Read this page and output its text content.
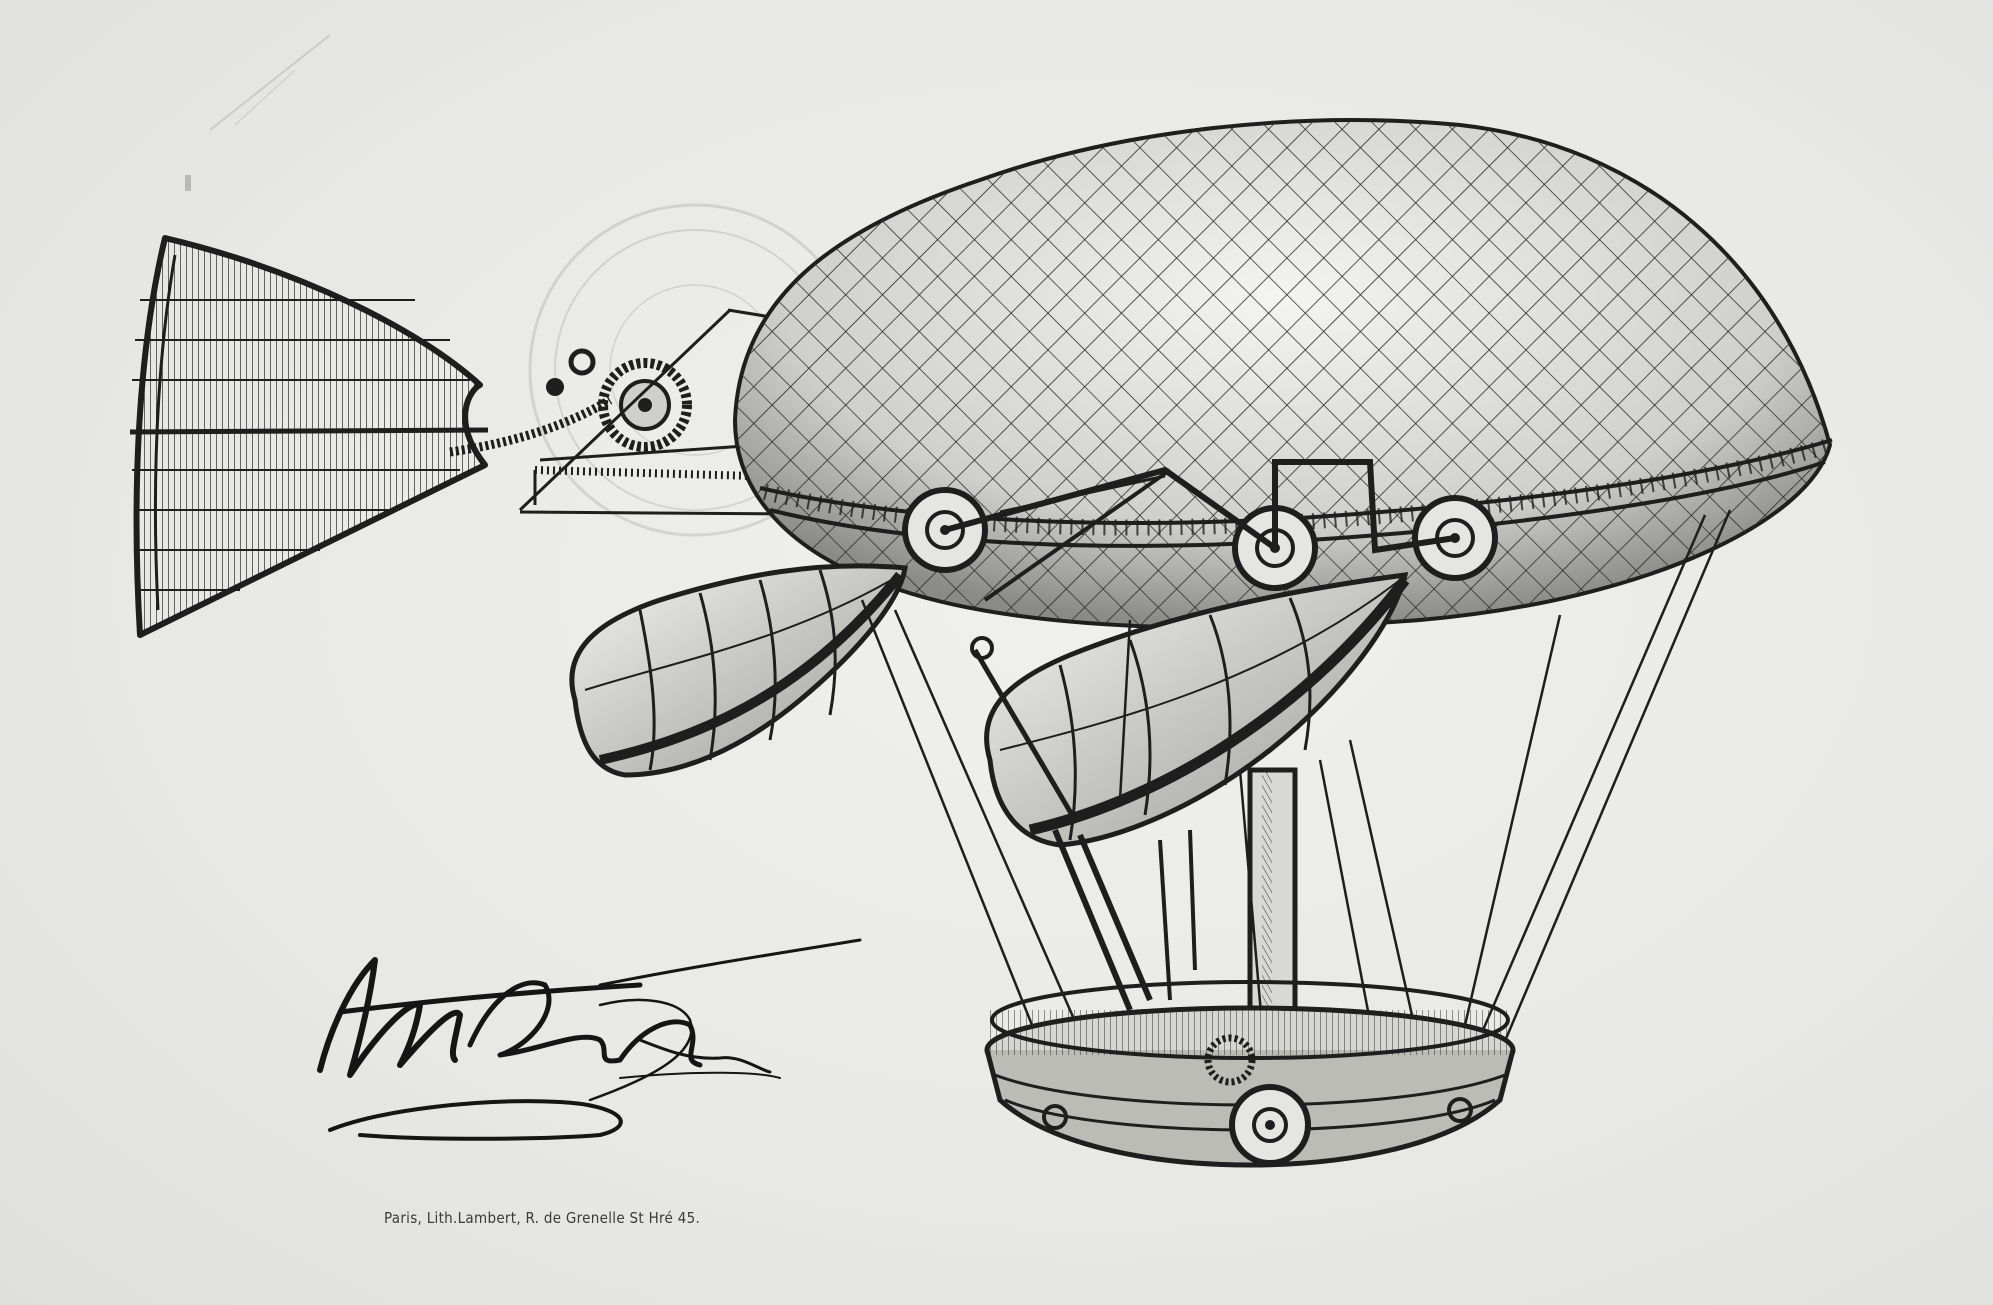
Paris, Lith.Lambert, R. de Grenelle St Hré 45.
